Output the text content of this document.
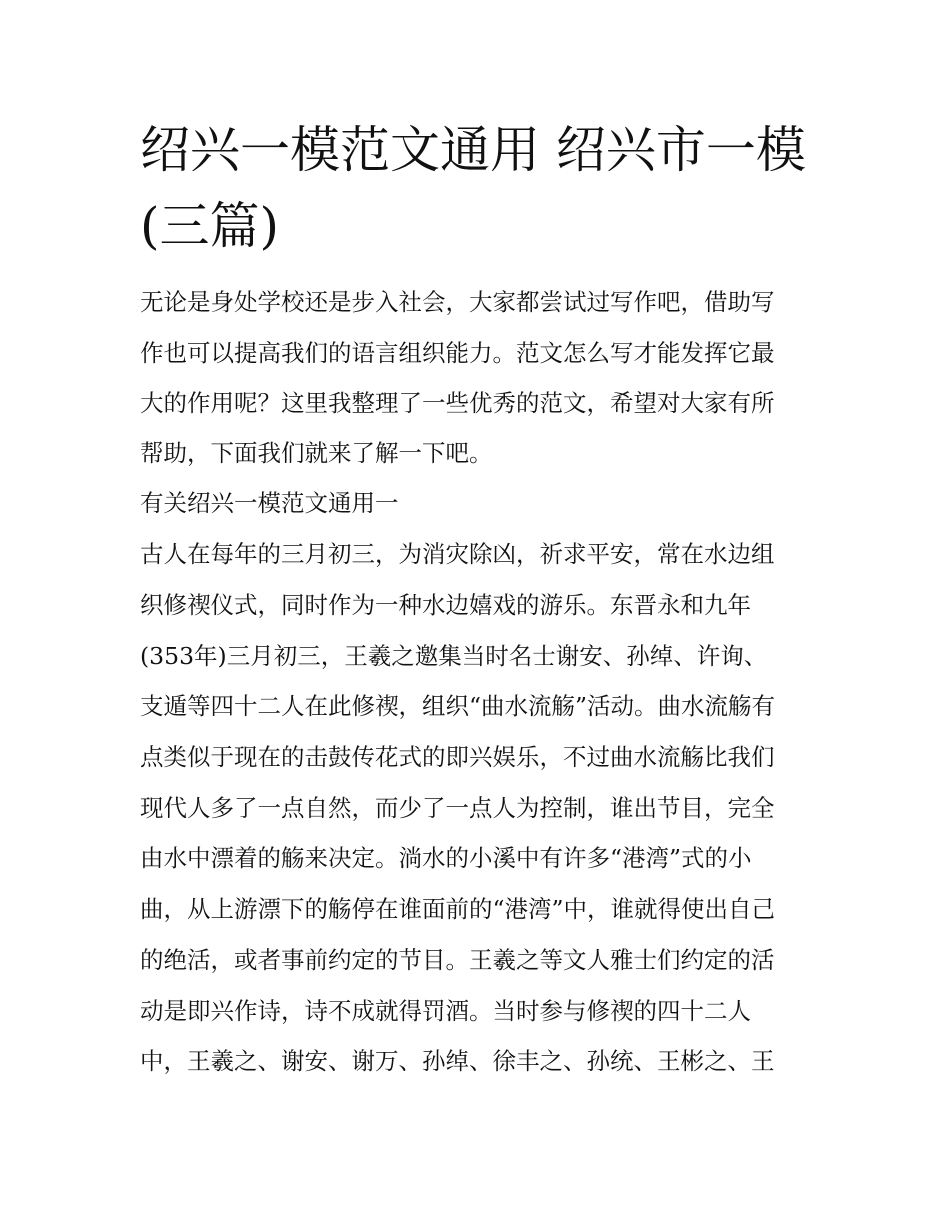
绍兴一模范文通用 绍兴市一模
(三篇)
无论是身处学校还是步入社会，大家都尝试过写作吧，借助写
作也可以提高我们的语言组织能力。范文怎么写才能发挥它最
大的作用呢？这里我整理了一些优秀的范文，希望对大家有所
帮助，下面我们就来了解一下吧。
有关绍兴一模范文通用一
古人在每年的三月初三，为消灾除凶，祈求平安，常在水边组
织修禊仪式，同时作为一种水边嬉戏的游乐。东晋永和九年
(353年)三月初三，王羲之邀集当时名士谢安、孙绰、许询、
支遁等四十二人在此修禊，组织“曲水流觞”活动。曲水流觞有
点类似于现在的击鼓传花式的即兴娱乐，不过曲水流觞比我们
现代人多了一点自然，而少了一点人为控制，谁出节目，完全
由水中漂着的觞来决定。淌水的小溪中有许多“港湾”式的小
曲，从上游漂下的觞停在谁面前的“港湾”中，谁就得使出自己
的绝活，或者事前约定的节目。王羲之等文人雅士们约定的活
动是即兴作诗，诗不成就得罚酒。当时参与修禊的四十二人
中，王羲之、谢安、谢万、孙绰、徐丰之、孙统、王彬之、王
